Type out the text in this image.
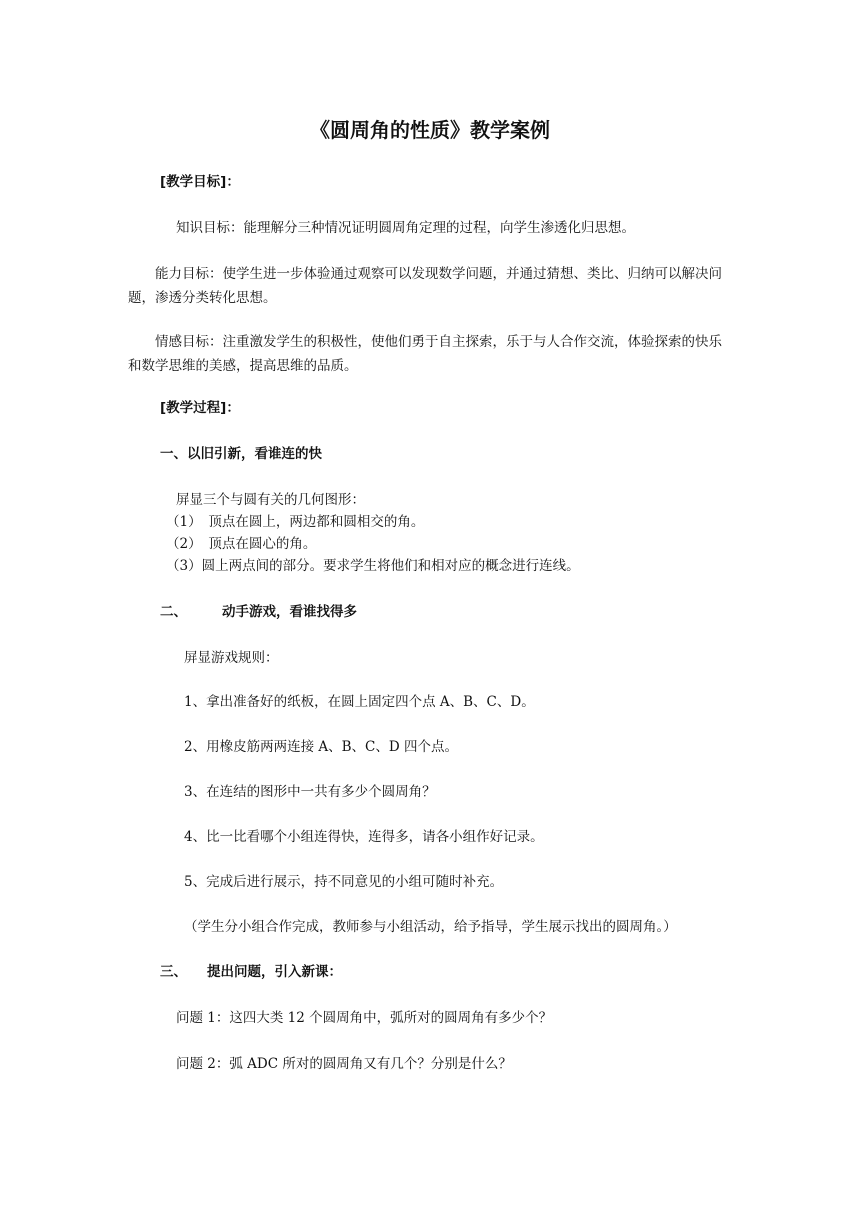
《圆周角的性质》教学案例
[教学目标]：
知识目标：能理解分三种情况证明圆周角定理的过程，向学生渗透化归思想。
能力目标：使学生进一步体验通过观察可以发现数学问题，并通过猜想、类比、归纳可以解决问题，渗透分类转化思想。
情感目标：注重激发学生的积极性，使他们勇于自主探索，乐于与人合作交流，体验探索的快乐和数学思维的美感，提高思维的品质。
[教学过程]：
一、以旧引新，看谁连的快
屏显三个与圆有关的几何图形：
（1）　顶点在圆上，两边都和圆相交的角。
（2）　顶点在圆心的角。
（3）圆上两点间的部分。要求学生将他们和相对应的概念进行连线。
二、	动手游戏，看谁找得多
屏显游戏规则：
1、拿出准备好的纸板，在圆上固定四个点 A、B、C、D。
2、用橡皮筋两两连接 A、B、C、D 四个点。
3、在连结的图形中一共有多少个圆周角？
4、比一比看哪个小组连得快，连得多，请各小组作好记录。
5、完成后进行展示，持不同意见的小组可随时补充。
（学生分小组合作完成，教师参与小组活动，给予指导，学生展示找出的圆周角。）
三、 提出问题，引入新课：
问题 1：这四大类 12 个圆周角中，弧所对的圆周角有多少个？
问题 2：弧 ADC 所对的圆周角又有几个？分别是什么？
